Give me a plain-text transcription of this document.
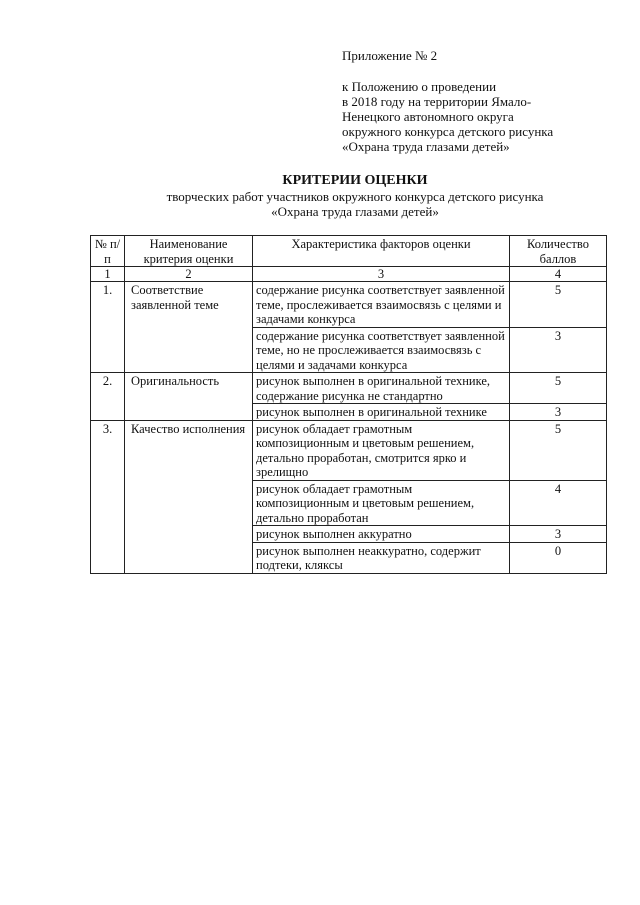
Приложение № 2
к Положению о проведении
в 2018 году на территории Ямало-
Ненецкого автономного округа
окружного конкурса детского рисунка
«Охрана труда глазами детей»
КРИТЕРИИ ОЦЕНКИ
творческих работ участников окружного конкурса детского рисунка
«Охрана труда глазами детей»
№ п/п	Наименование критерия оценки	Характеристика факторов оценки	Количество баллов
1	2	3	4
1.	Соответствие заявленной теме	содержание рисунка соответствует заявленной теме, прослеживается взаимосвязь с целями и задачами конкурса	5
		содержание рисунка соответствует заявленной теме, но не прослеживается взаимосвязь с целями и задачами конкурса	3
2.	Оригинальность	рисунок выполнен в оригинальной технике, содержание рисунка не стандартно	5
		рисунок выполнен в оригинальной технике	3
3.	Качество исполнения	рисунок обладает грамотным композиционным и цветовым решением, детально проработан, смотрится ярко и зрелищно	5
		рисунок обладает грамотным композиционным и цветовым решением, детально проработан	4
		рисунок выполнен аккуратно	3
		рисунок выполнен неаккуратно, содержит подтеки, кляксы	0
